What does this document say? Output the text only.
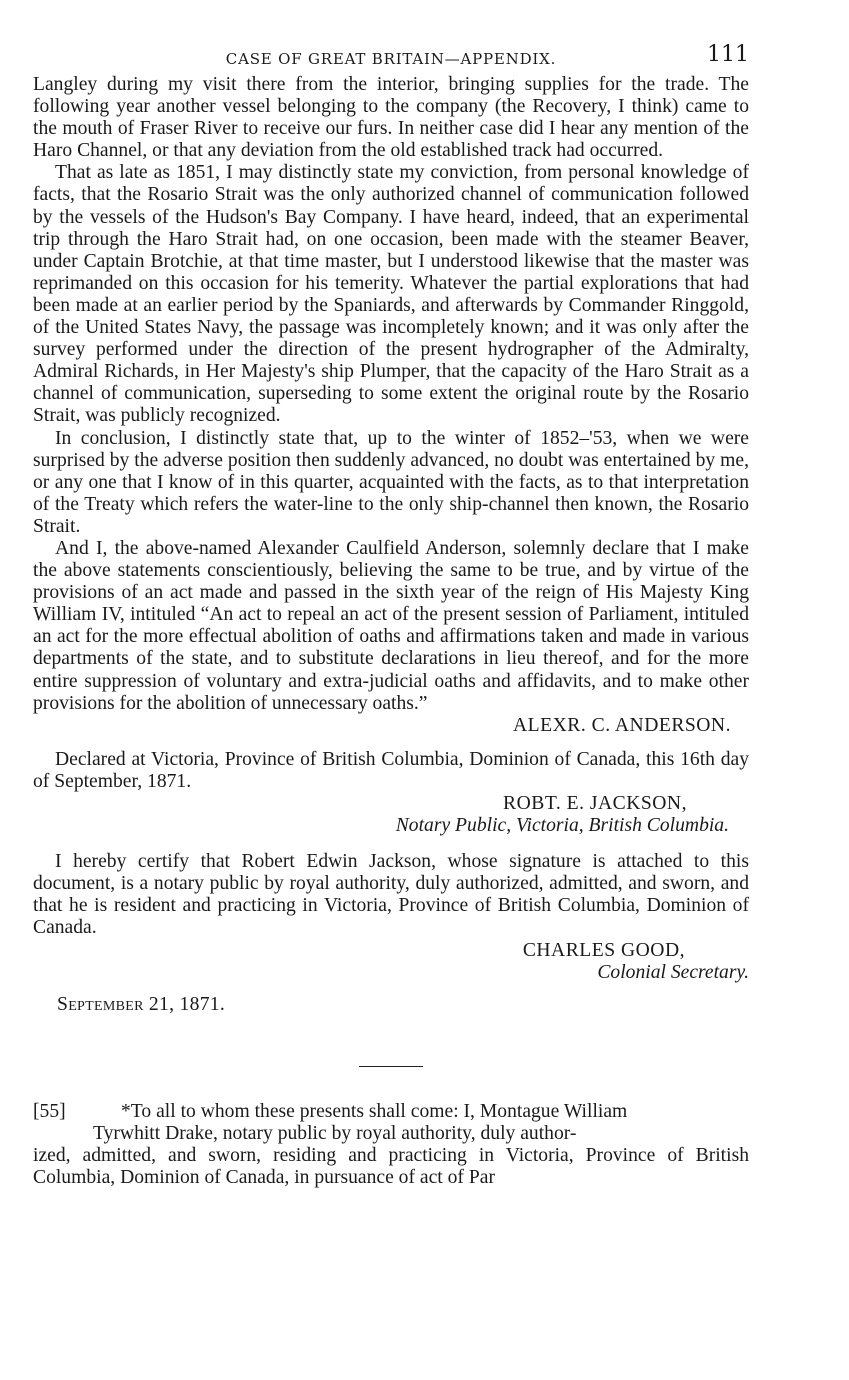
CASE OF GREAT BRITAIN—APPENDIX.	111

Langley during my visit there from the interior, bringing supplies for the trade. The following year another vessel belonging to the company (the Recovery, I think) came to the mouth of Fraser River to receive our furs. In neither case did I hear any mention of the Haro Channel, or that any deviation from the old established track had occurred.

That as late as 1851, I may distinctly state my conviction, from personal knowledge of facts, that the Rosario Strait was the only authorized channel of communication followed by the vessels of the Hudson's Bay Company. I have heard, indeed, that an experimental trip through the Haro Strait had, on one occasion, been made with the steamer Beaver, under Captain Brotchie, at that time master, but I understood likewise that the master was reprimanded on this occasion for his temerity. Whatever the partial explorations that had been made at an earlier period by the Spaniards, and afterwards by Commander Ringgold, of the United States Navy, the passage was incompletely known; and it was only after the survey performed under the direction of the present hydrographer of the Admiralty, Admiral Richards, in Her Majesty's ship Plumper, that the capacity of the Haro Strait as a channel of communication, superseding to some extent the original route by the Rosario Strait, was publicly recognized.

In conclusion, I distinctly state that, up to the winter of 1852–'53, when we were surprised by the adverse position then suddenly advanced, no doubt was entertained by me, or any one that I know of in this quarter, acquainted with the facts, as to that interpretation of the Treaty which refers the water-line to the only ship-channel then known, the Rosario Strait.

And I, the above-named Alexander Caulfield Anderson, solemnly declare that I make the above statements conscientiously, believing the same to be true, and by virtue of the provisions of an act made and passed in the sixth year of the reign of His Majesty King William IV, intituled “An act to repeal an act of the present session of Parliament, intituled an act for the more effectual abolition of oaths and affirmations taken and made in various departments of the state, and to substitute declarations in lieu thereof, and for the more entire suppression of voluntary and extra-judicial oaths and affidavits, and to make other provisions for the abolition of unnecessary oaths.”

ALEXR. C. ANDERSON.

Declared at Victoria, Province of British Columbia, Dominion of Canada, this 16th day of September, 1871.

ROBT. E. JACKSON,

Notary Public, Victoria, British Columbia.

I hereby certify that Robert Edwin Jackson, whose signature is attached to this document, is a notary public by royal authority, duly authorized, admitted, and sworn, and that he is resident and practicing in Victoria, Province of British Columbia, Dominion of Canada.

CHARLES GOOD,

Colonial Secretary.

September 21, 1871.
[55]	*To all to whom these presents shall come: I, Montague William
Tyrwhitt Drake, notary public by royal authority, duly author-
ized, admitted, and sworn, residing and practicing in Victoria, Province of British Columbia, Dominion of Canada, in pursuance of act of Par
